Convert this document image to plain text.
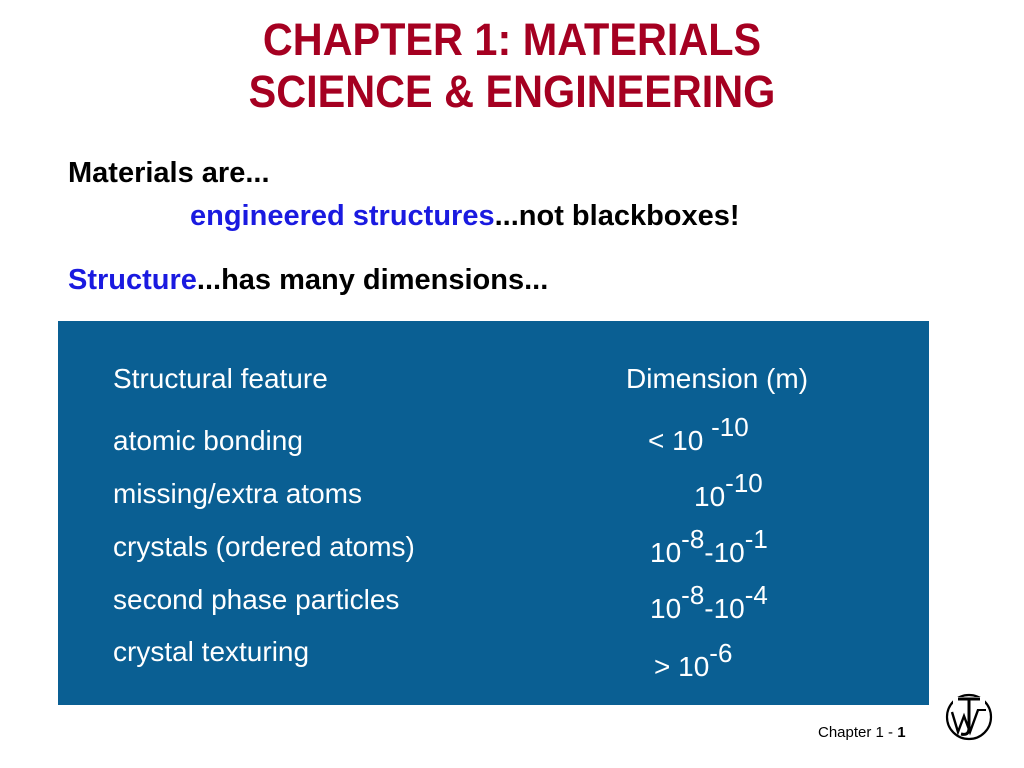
CHAPTER 1: MATERIALS
SCIENCE & ENGINEERING
Materials are...
engineered structures...not blackboxes!
Structure...has many dimensions...
Structural feature	Dimension (m)
atomic bonding
missing/extra atoms
crystals (ordered atoms)
second phase particles
crystal texturing
< 10 $^{-10}$
$10^{-10}$
$10^{-8}-10^{-1}$
$10^{-8}-10^{-4}$
> $10^{-6}$
Chapter 1 - 1
